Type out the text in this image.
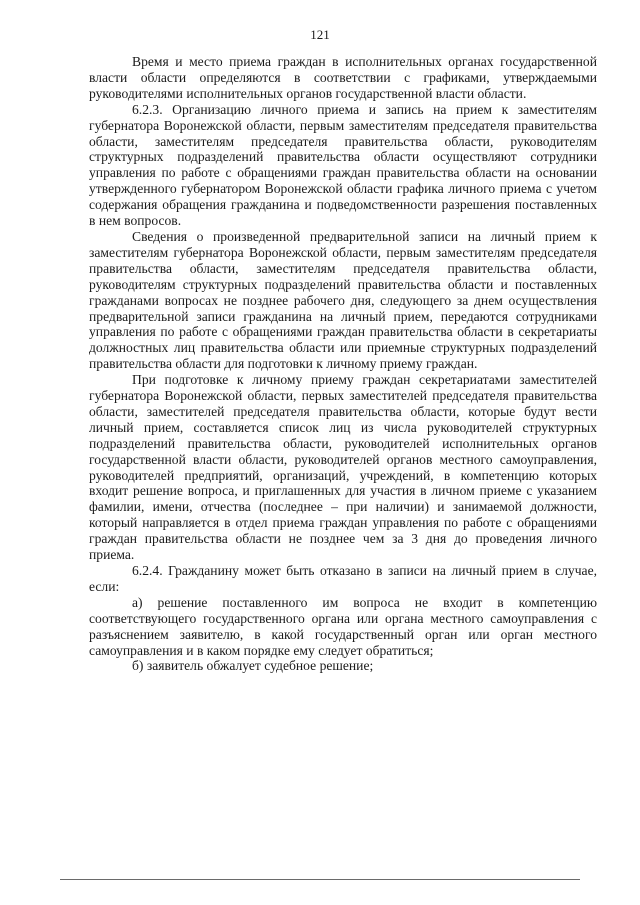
121

Время и место приема граждан в исполнительных органах государственной власти области определяются в соответствии с графиками, утверждаемыми руководителями исполнительных органов государственной власти области.

6.2.3. Организацию личного приема и запись на прием к заместителям губернатора Воронежской области, первым заместителям председателя правительства области, заместителям председателя правительства области, руководителям структурных подразделений правительства области осуществляют сотрудники управления по работе с обращениями граждан правительства области на основании утвержденного губернатором Воронежской области графика личного приема с учетом содержания обращения гражданина и подведомственности разрешения поставленных в нем вопросов.

Сведения о произведенной предварительной записи на личный прием к заместителям губернатора Воронежской области, первым заместителям председателя правительства области, заместителям председателя правительства области, руководителям структурных подразделений правительства области и поставленных гражданами вопросах не позднее рабочего дня, следующего за днем осуществления предварительной записи гражданина на личный прием, передаются сотрудниками управления по работе с обращениями граждан правительства области в секретариаты должностных лиц правительства области или приемные структурных подразделений правительства области для подготовки к личному приему граждан.

При подготовке к личному приему граждан секретариатами заместителей губернатора Воронежской области, первых заместителей председателя правительства области, заместителей председателя правительства области, которые будут вести личный прием, составляется список лиц из числа руководителей структурных подразделений правительства области, руководителей исполнительных органов государственной власти области, руководителей органов местного самоуправления, руководителей предприятий, организаций, учреждений, в компетенцию которых входит решение вопроса, и приглашенных для участия в личном приеме с указанием фамилии, имени, отчества (последнее – при наличии) и занимаемой должности, который направляется в отдел приема граждан управления по работе с обращениями граждан правительства области не позднее чем за 3 дня до проведения личного приема.

6.2.4. Гражданину может быть отказано в записи на личный прием в случае, если:

а) решение поставленного им вопроса не входит в компетенцию соответствующего государственного органа или органа местного самоуправления с разъяснением заявителю, в какой государственный орган или орган местного самоуправления и в каком порядке ему следует обратиться;

б) заявитель обжалует судебное решение;
